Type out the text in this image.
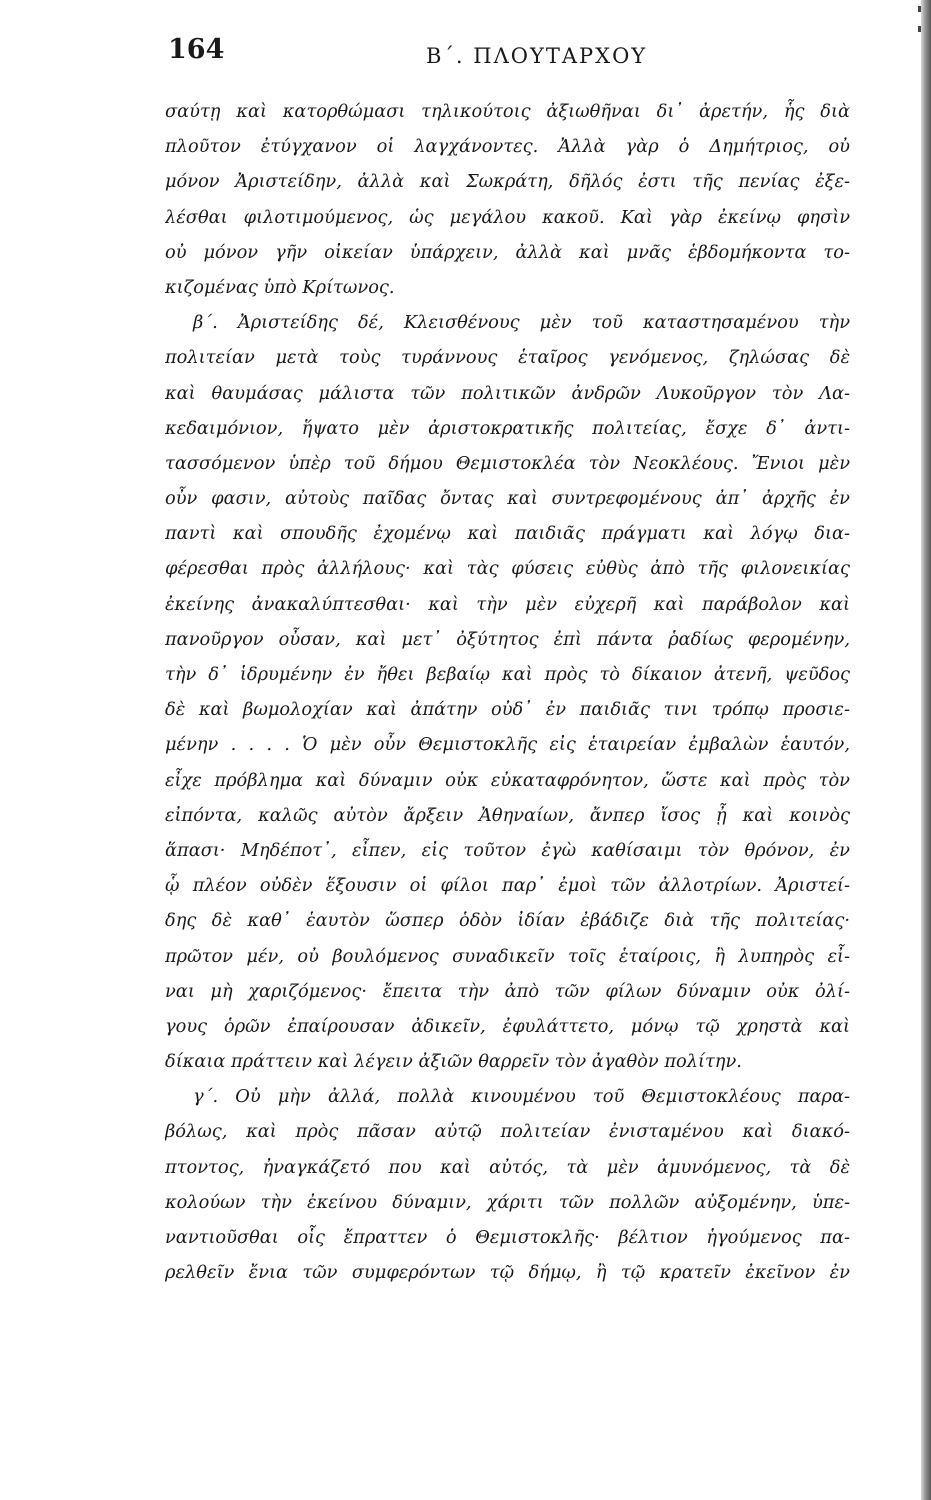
164	Β΄. ΠΛΟΥΤΑΡΧΟΥ
σαύτῃ καὶ κατορθώμασι τηλικούτοις ἀξιωθῆναι δι᾽ ἀρετήν, ἧς διὰ
πλοῦτον ἐτύγχανον οἱ λαγχάνοντες. Ἀλλὰ γὰρ ὁ Δημήτριος, οὐ
μόνον Ἀριστείδην, ἀλλὰ καὶ Σωκράτη, δῆλός ἐστι τῆς πενίας ἐξε-
λέσθαι φιλοτιμούμενος, ὡς μεγάλου κακοῦ. Καὶ γὰρ ἐκείνῳ φησὶν
οὐ μόνον γῆν οἰκείαν ὑπάρχειν, ἀλλὰ καὶ μνᾶς ἑβδομήκοντα το-
κιζομένας ὑπὸ Κρίτωνος.
β΄. Ἀριστείδης δέ, Κλεισθένους μὲν τοῦ καταστησαμένου τὴν
πολιτείαν μετὰ τοὺς τυράννους ἑταῖρος γενόμενος, ζηλώσας δὲ
καὶ θαυμάσας μάλιστα τῶν πολιτικῶν ἀνδρῶν Λυκοῦργον τὸν Λα-
κεδαιμόνιον, ἥψατο μὲν ἀριστοκρατικῆς πολιτείας, ἔσχε δ᾽ ἀντι-
τασσόμενον ὑπὲρ τοῦ δήμου Θεμιστοκλέα τὸν Νεοκλέους. Ἔνιοι μὲν
οὖν φασιν, αὐτοὺς παῖδας ὄντας καὶ συντρεφομένους ἀπ᾽ ἀρχῆς ἐν
παντὶ καὶ σπουδῆς ἐχομένῳ καὶ παιδιᾶς πράγματι καὶ λόγῳ δια-
φέρεσθαι πρὸς ἀλλήλους· καὶ τὰς φύσεις εὐθὺς ἀπὸ τῆς φιλονεικίας
ἐκείνης ἀνακαλύπτεσθαι· καὶ τὴν μὲν εὐχερῆ καὶ παράβολον καὶ
πανοῦργον οὖσαν, καὶ μετ᾽ ὀξύτητος ἐπὶ πάντα ῥαδίως φερομένην,
τὴν δ᾽ ἱδρυμένην ἐν ἤθει βεβαίῳ καὶ πρὸς τὸ δίκαιον ἀτενῆ, ψεῦδος
δὲ καὶ βωμολοχίαν καὶ ἀπάτην οὐδ᾽ ἐν παιδιᾶς τινι τρόπῳ προσιε-
μένην . . . . Ὁ μὲν οὖν Θεμιστοκλῆς εἰς ἑταιρείαν ἐμβαλὼν ἑαυτόν,
εἶχε πρόβλημα καὶ δύναμιν οὐκ εὐκαταφρόνητον, ὥστε καὶ πρὸς τὸν
εἰπόντα, καλῶς αὐτὸν ἄρξειν Ἀθηναίων, ἄνπερ ἴσος ᾖ καὶ κοινὸς
ἅπασι· Μηδέποτ᾽, εἶπεν, εἰς τοῦτον ἐγὼ καθίσαιμι τὸν θρόνον, ἐν
ᾧ πλέον οὐδὲν ἕξουσιν οἱ φίλοι παρ᾽ ἐμοὶ τῶν ἀλλοτρίων. Ἀριστεί-
δης δὲ καθ᾽ ἑαυτὸν ὥσπερ ὁδὸν ἰδίαν ἐβάδιζε διὰ τῆς πολιτείας·
πρῶτον μέν, οὐ βουλόμενος συναδικεῖν τοῖς ἑταίροις, ἢ λυπηρὸς εἶ-
ναι μὴ χαριζόμενος· ἔπειτα τὴν ἀπὸ τῶν φίλων δύναμιν οὐκ ὀλί-
γους ὁρῶν ἐπαίρουσαν ἀδικεῖν, ἐφυλάττετο, μόνῳ τῷ χρηστὰ καὶ
δίκαια πράττειν καὶ λέγειν ἀξιῶν θαρρεῖν τὸν ἀγαθὸν πολίτην.
γ΄. Οὐ μὴν ἀλλά, πολλὰ κινουμένου τοῦ Θεμιστοκλέους παρα-
βόλως, καὶ πρὸς πᾶσαν αὐτῷ πολιτείαν ἐνισταμένου καὶ διακό-
πτοντος, ἠναγκάζετό που καὶ αὐτός, τὰ μὲν ἀμυνόμενος, τὰ δὲ
κολούων τὴν ἐκείνου δύναμιν, χάριτι τῶν πολλῶν αὐξομένην, ὑπε-
ναντιοῦσθαι οἷς ἔπραττεν ὁ Θεμιστοκλῆς· βέλτιον ἡγούμενος πα-
ρελθεῖν ἔνια τῶν συμφερόντων τῷ δήμῳ, ἢ τῷ κρατεῖν ἐκεῖνον ἐν
